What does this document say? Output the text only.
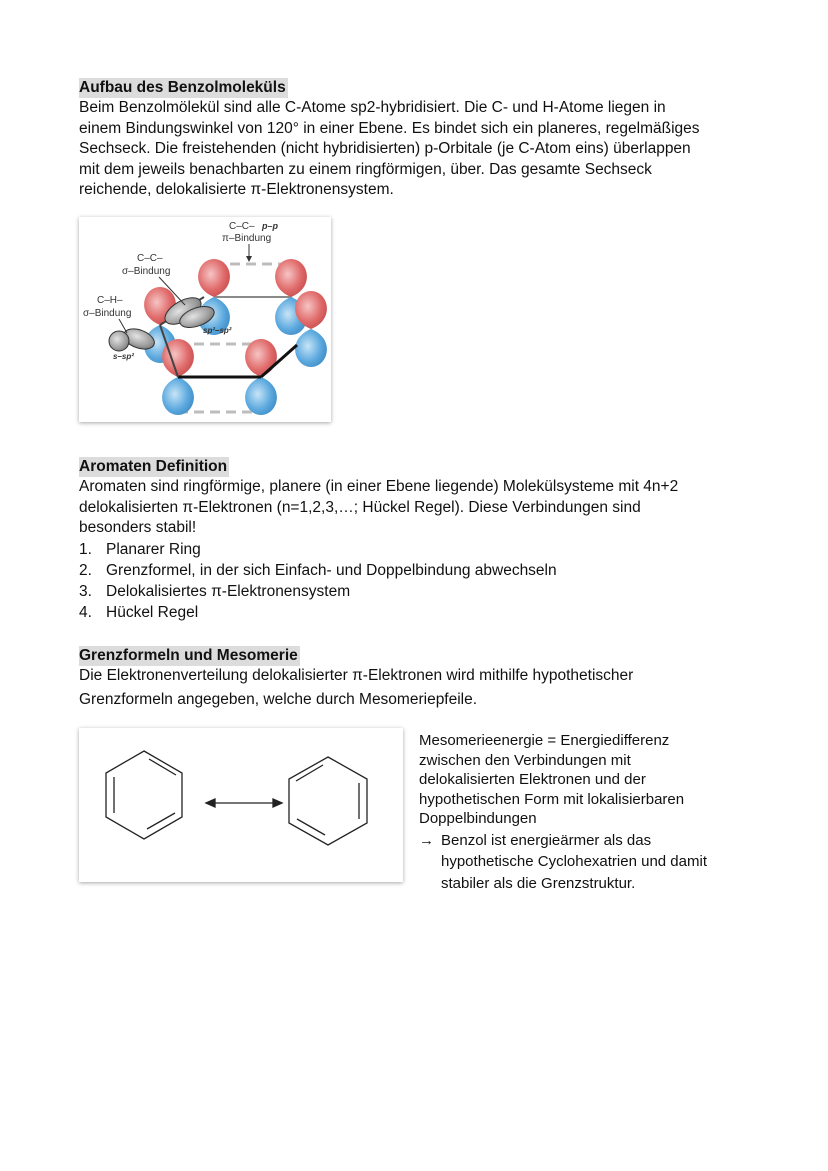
Aufbau des Benzolmoleküls

Beim Benzolmölekül sind alle C-Atome sp2-hybridisiert. Die C- und H-Atome liegen in

einem Bindungswinkel von 120° in einer Ebene. Es bindet sich ein planeres, regelmäßiges

Sechseck. Die freistehenden (nicht hybridisierten) p-Orbitale (je C-Atom eins) überlappen

mit dem jeweils benachbarten zu einem ringförmigen, über. Das gesamte Sechseck

reichende, delokalisierte π-Elektronensystem.

C–C– p–p
π–Bindung
C–C–
σ–Bindung
C–H–
σ–Bindung
sp²–sp²
s–sp²
Aromaten Definition

Aromaten sind ringförmige, planere (in einer Ebene liegende) Molekülsysteme mit 4n+2

delokalisierten π-Elektronen (n=1,2,3,…; Hückel Regel). Diese Verbindungen sind

besonders stabil!

1. Planarer Ring
2. Grenzformel, in der sich Einfach- und Doppelbindung abwechseln
3. Delokalisiertes π-Elektronensystem
4. Hückel Regel
Grenzformeln und Mesomerie

Die Elektronenverteilung delokalisierter π-Elektronen wird mithilfe hypothetischer

Grenzformeln angegeben, welche durch Mesomeriepfeile.

Mesomerieenergie = Energiedifferenz
zwischen den Verbindungen mit
delokalisierten Elektronen und der
hypothetischen Form mit lokalisierbaren
Doppelbindungen
→ Benzol ist energieärmer als das
hypothetische Cyclohexatrien und damit
stabiler als die Grenzstruktur.
